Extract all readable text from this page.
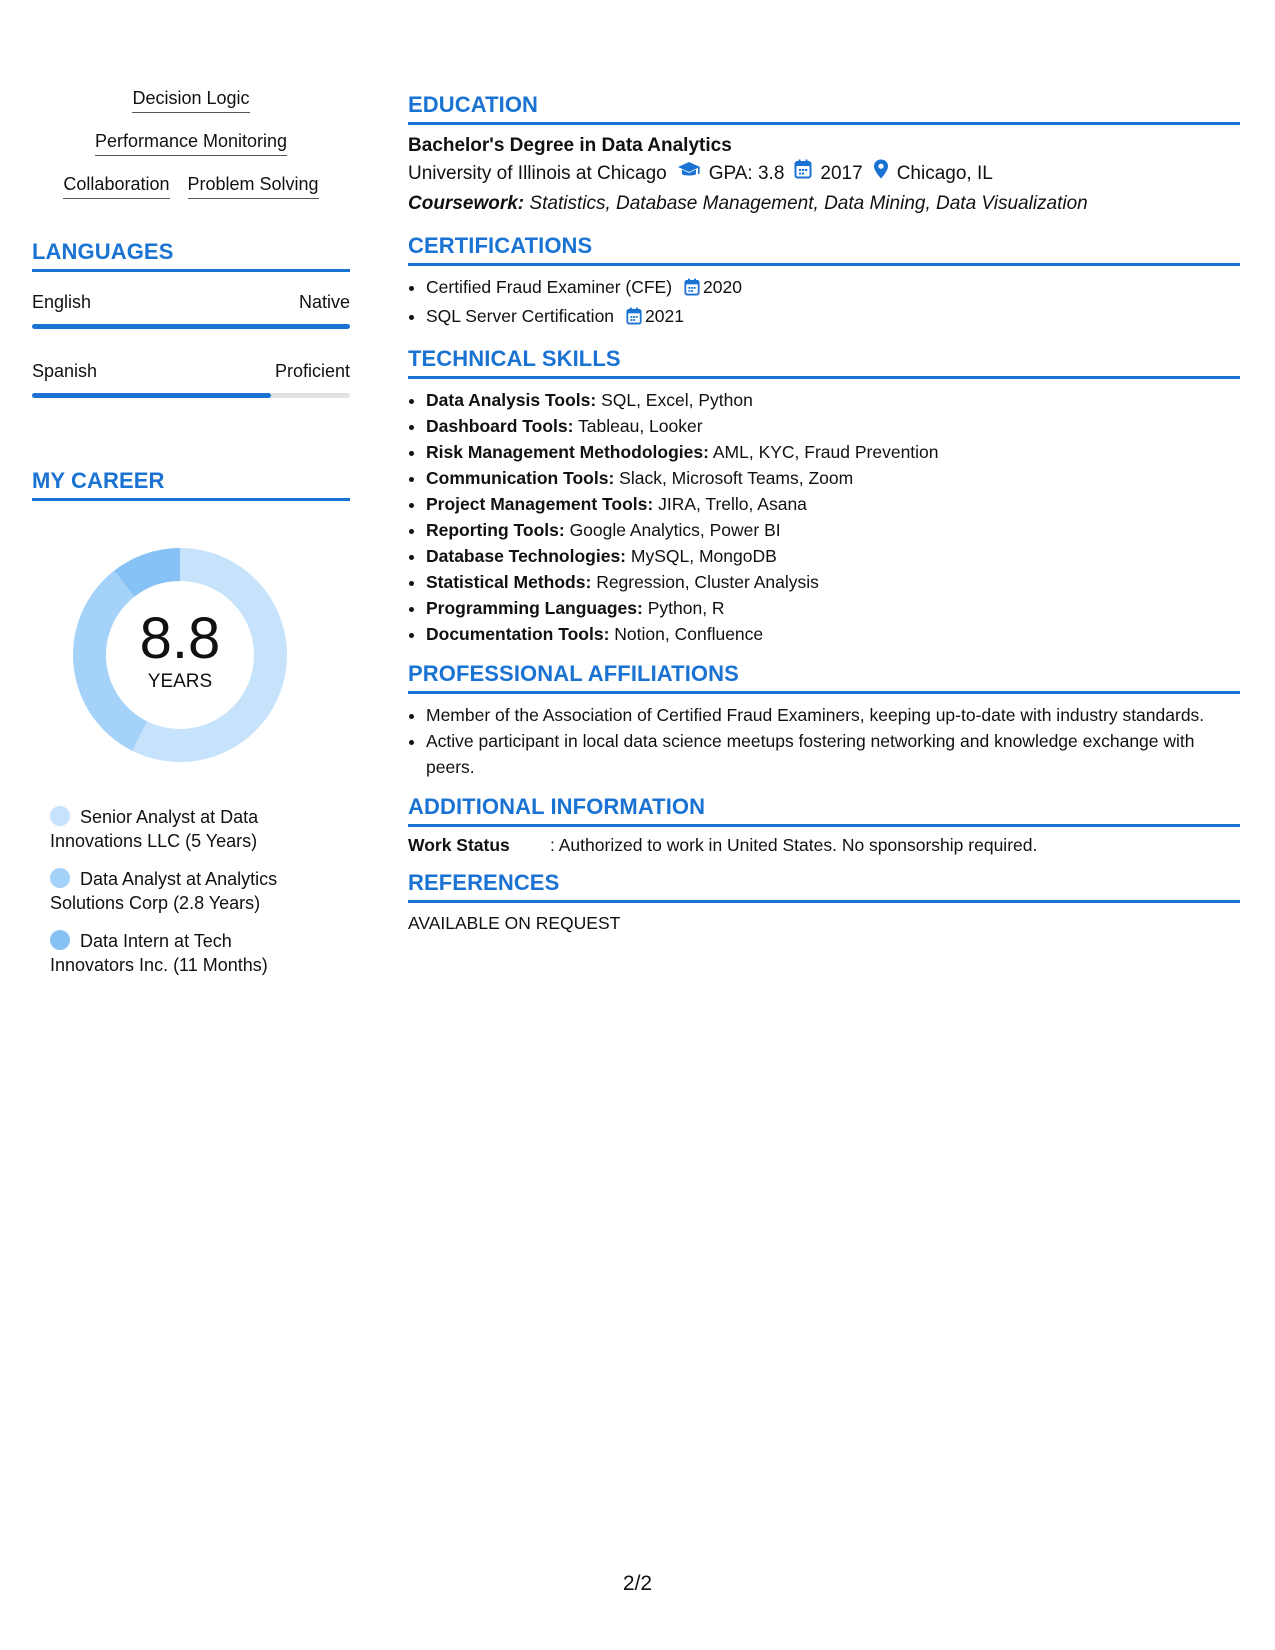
Decision Logic
Performance Monitoring
Collaboration Problem Solving
LANGUAGES
English	Native
Spanish	Proficient
MY CAREER
8.8
YEARS
Senior Analyst at Data Innovations LLC (5 Years)
Data Analyst at Analytics Solutions Corp (2.8 Years)
Data Intern at Tech Innovators Inc. (11 Months)
EDUCATION
Bachelor's Degree in Data Analytics
University of Illinois at Chicago GPA: 3.8 2017 Chicago, IL
Coursework: Statistics, Database Management, Data Mining, Data Visualization
CERTIFICATIONS
• Certified Fraud Examiner (CFE) 2020
• SQL Server Certification 2021
TECHNICAL SKILLS
• Data Analysis Tools: SQL, Excel, Python
• Dashboard Tools: Tableau, Looker
• Risk Management Methodologies: AML, KYC, Fraud Prevention
• Communication Tools: Slack, Microsoft Teams, Zoom
• Project Management Tools: JIRA, Trello, Asana
• Reporting Tools: Google Analytics, Power BI
• Database Technologies: MySQL, MongoDB
• Statistical Methods: Regression, Cluster Analysis
• Programming Languages: Python, R
• Documentation Tools: Notion, Confluence
PROFESSIONAL AFFILIATIONS
• Member of the Association of Certified Fraud Examiners, keeping up-to-date with industry standards.
• Active participant in local data science meetups fostering networking and knowledge exchange with peers.
ADDITIONAL INFORMATION
Work Status	: Authorized to work in United States. No sponsorship required.
REFERENCES
AVAILABLE ON REQUEST
2/2
